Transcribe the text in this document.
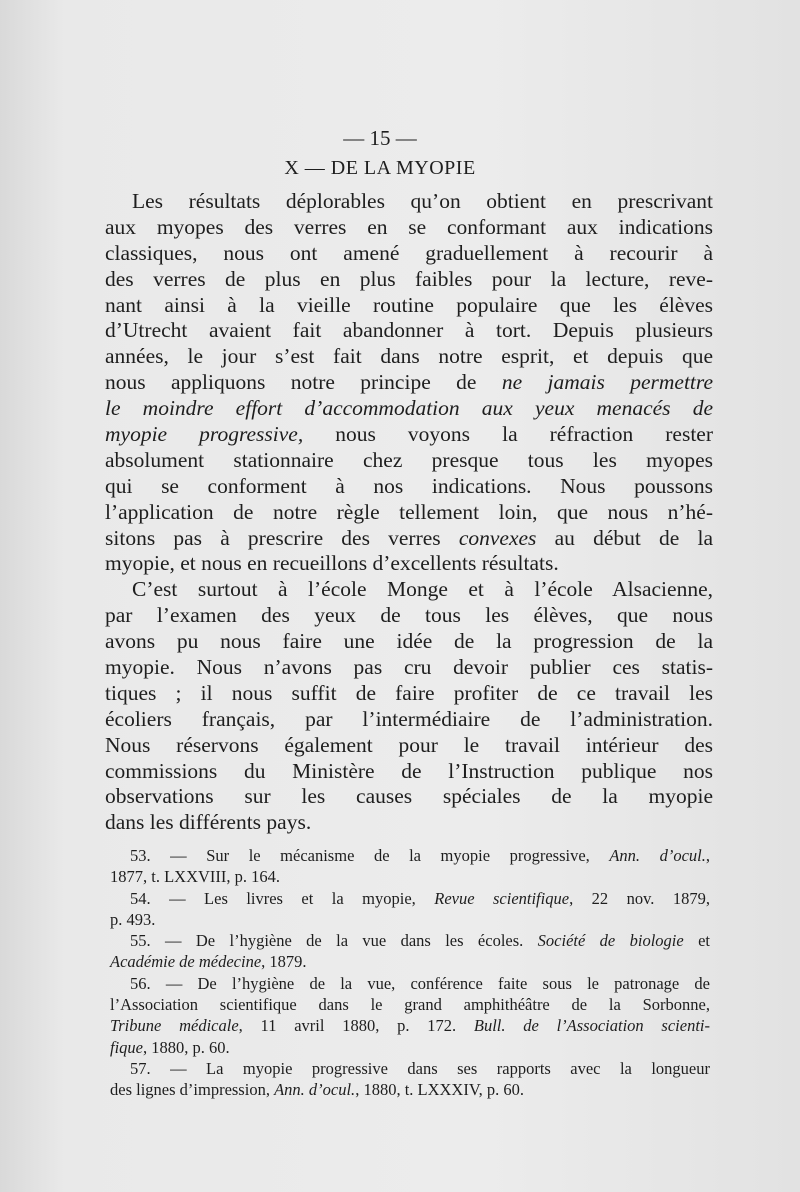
— 15 —
X — DE LA MYOPIE
Les résultats déplorables qu’on obtient en prescrivant
aux myopes des verres en se conformant aux indications
classiques, nous ont amené graduellement à recourir à
des verres de plus en plus faibles pour la lecture, reve-
nant ainsi à la vieille routine populaire que les élèves
d’Utrecht avaient fait abandonner à tort. Depuis plusieurs
années, le jour s’est fait dans notre esprit, et depuis que
nous appliquons notre principe de ne jamais permettre
le moindre effort d’accommodation aux yeux menacés de
myopie progressive, nous voyons la réfraction rester
absolument stationnaire chez presque tous les myopes
qui se conforment à nos indications. Nous poussons
l’application de notre règle tellement loin, que nous n’hé-
sitons pas à prescrire des verres convexes au début de la
myopie, et nous en recueillons d’excellents résultats.
C’est surtout à l’école Monge et à l’école Alsacienne,
par l’examen des yeux de tous les élèves, que nous
avons pu nous faire une idée de la progression de la
myopie. Nous n’avons pas cru devoir publier ces statis-
tiques ; il nous suffit de faire profiter de ce travail les
écoliers français, par l’intermédiaire de l’administration.
Nous réservons également pour le travail intérieur des
commissions du Ministère de l’Instruction publique nos
observations sur les causes spéciales de la myopie
dans les différents pays.
53. — Sur le mécanisme de la myopie progressive, Ann. d’ocul.,
1877, t. LXXVIII, p. 164.
54. — Les livres et la myopie, Revue scientifique, 22 nov. 1879,
p. 493.
55. — De l’hygiène de la vue dans les écoles. Société de biologie et
Académie de médecine, 1879.
56. — De l’hygiène de la vue, conférence faite sous le patronage de
l’Association scientifique dans le grand amphithéâtre de la Sorbonne,
Tribune médicale, 11 avril 1880, p. 172. Bull. de l’Association scienti-
fique, 1880, p. 60.
57. — La myopie progressive dans ses rapports avec la longueur
des lignes d’impression, Ann. d’ocul., 1880, t. LXXXIV, p. 60.
